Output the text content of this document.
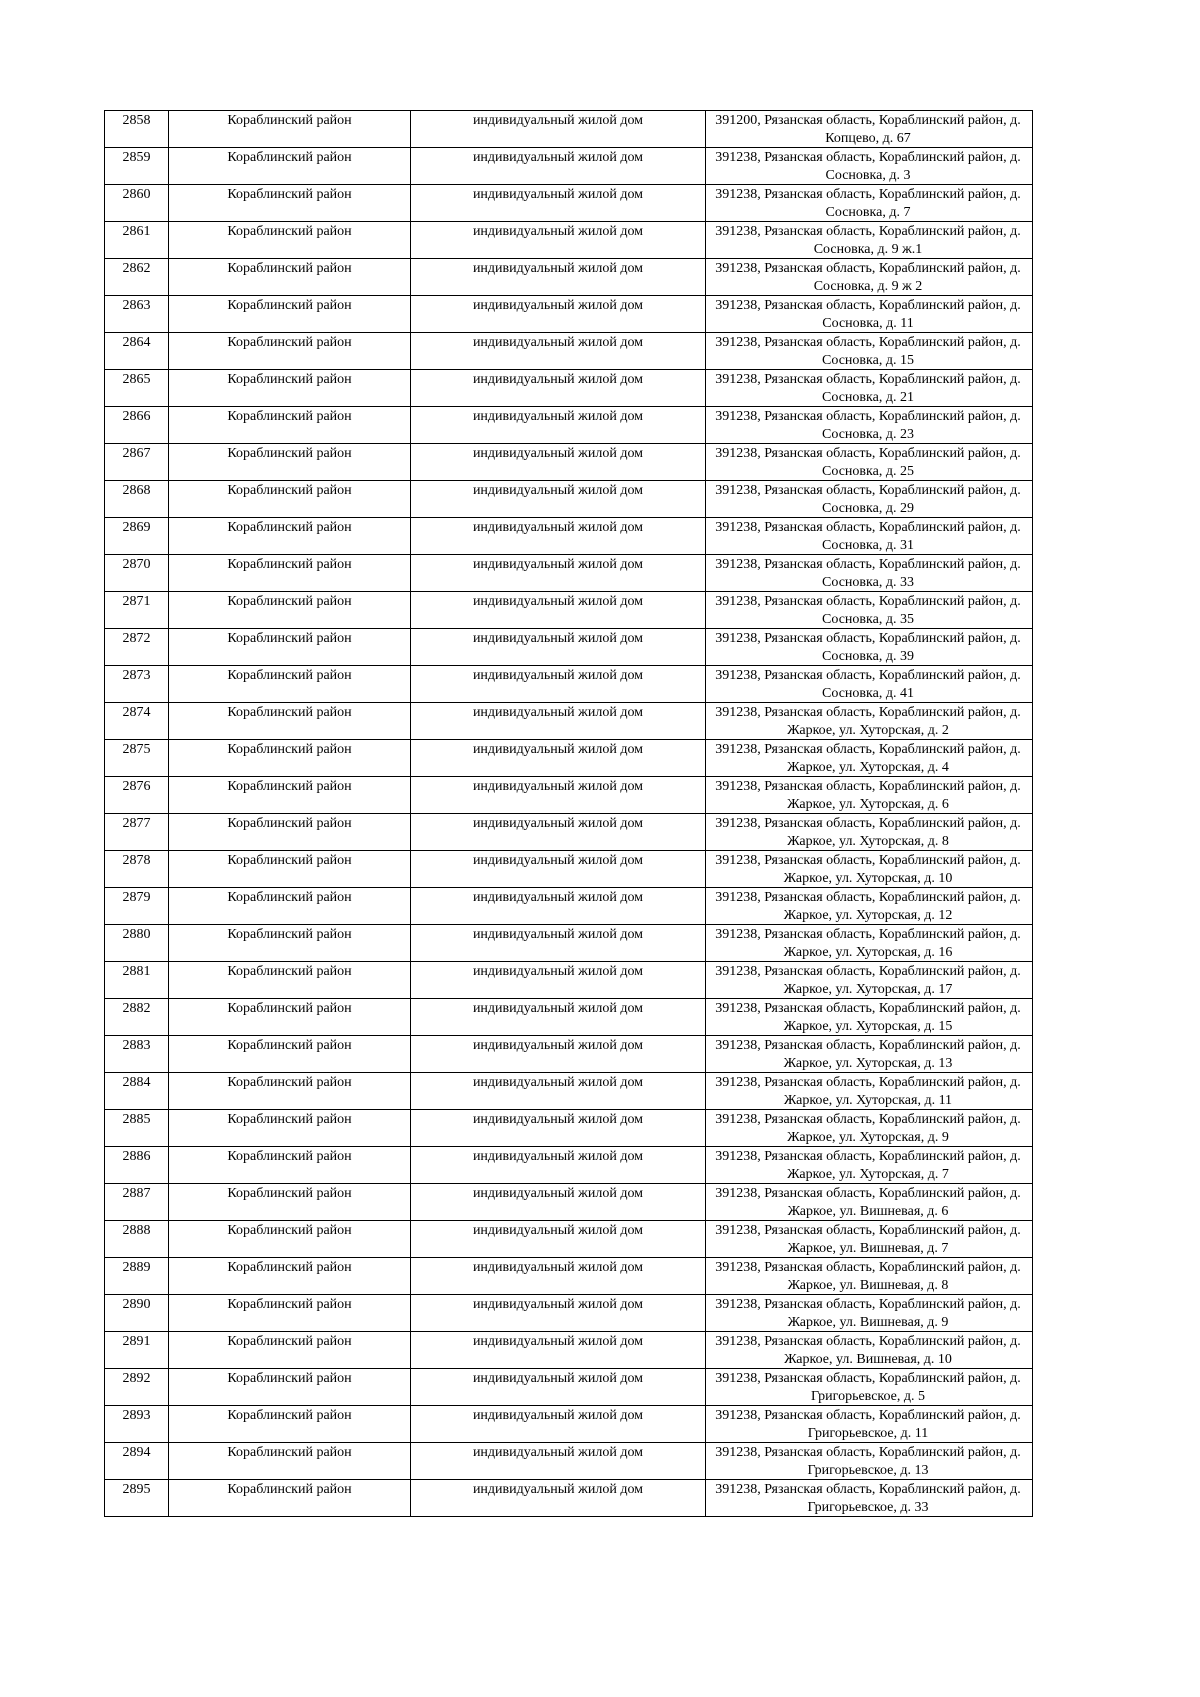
2858	Кораблинский район	индивидуальный жилой дом	391200, Рязанская область, Кораблинский район, д. Копцево, д. 67
2859	Кораблинский район	индивидуальный жилой дом	391238, Рязанская область, Кораблинский район, д. Сосновка, д. 3
2860	Кораблинский район	индивидуальный жилой дом	391238, Рязанская область, Кораблинский район, д. Сосновка, д. 7
2861	Кораблинский район	индивидуальный жилой дом	391238, Рязанская область, Кораблинский район, д. Сосновка, д. 9 ж.1
2862	Кораблинский район	индивидуальный жилой дом	391238, Рязанская область, Кораблинский район, д. Сосновка, д. 9 ж 2
2863	Кораблинский район	индивидуальный жилой дом	391238, Рязанская область, Кораблинский район, д. Сосновка, д. 11
2864	Кораблинский район	индивидуальный жилой дом	391238, Рязанская область, Кораблинский район, д. Сосновка, д. 15
2865	Кораблинский район	индивидуальный жилой дом	391238, Рязанская область, Кораблинский район, д. Сосновка, д. 21
2866	Кораблинский район	индивидуальный жилой дом	391238, Рязанская область, Кораблинский район, д. Сосновка, д. 23
2867	Кораблинский район	индивидуальный жилой дом	391238, Рязанская область, Кораблинский район, д. Сосновка, д. 25
2868	Кораблинский район	индивидуальный жилой дом	391238, Рязанская область, Кораблинский район, д. Сосновка, д. 29
2869	Кораблинский район	индивидуальный жилой дом	391238, Рязанская область, Кораблинский район, д. Сосновка, д. 31
2870	Кораблинский район	индивидуальный жилой дом	391238, Рязанская область, Кораблинский район, д. Сосновка, д. 33
2871	Кораблинский район	индивидуальный жилой дом	391238, Рязанская область, Кораблинский район, д. Сосновка, д. 35
2872	Кораблинский район	индивидуальный жилой дом	391238, Рязанская область, Кораблинский район, д. Сосновка, д. 39
2873	Кораблинский район	индивидуальный жилой дом	391238, Рязанская область, Кораблинский район, д. Сосновка, д. 41
2874	Кораблинский район	индивидуальный жилой дом	391238, Рязанская область, Кораблинский район, д. Жаркое, ул. Хуторская, д. 2
2875	Кораблинский район	индивидуальный жилой дом	391238, Рязанская область, Кораблинский район, д. Жаркое, ул. Хуторская, д. 4
2876	Кораблинский район	индивидуальный жилой дом	391238, Рязанская область, Кораблинский район, д. Жаркое, ул. Хуторская, д. 6
2877	Кораблинский район	индивидуальный жилой дом	391238, Рязанская область, Кораблинский район, д. Жаркое, ул. Хуторская, д. 8
2878	Кораблинский район	индивидуальный жилой дом	391238, Рязанская область, Кораблинский район, д. Жаркое, ул. Хуторская, д. 10
2879	Кораблинский район	индивидуальный жилой дом	391238, Рязанская область, Кораблинский район, д. Жаркое, ул. Хуторская, д. 12
2880	Кораблинский район	индивидуальный жилой дом	391238, Рязанская область, Кораблинский район, д. Жаркое, ул. Хуторская, д. 16
2881	Кораблинский район	индивидуальный жилой дом	391238, Рязанская область, Кораблинский район, д. Жаркое, ул. Хуторская, д. 17
2882	Кораблинский район	индивидуальный жилой дом	391238, Рязанская область, Кораблинский район, д. Жаркое, ул. Хуторская, д. 15
2883	Кораблинский район	индивидуальный жилой дом	391238, Рязанская область, Кораблинский район, д. Жаркое, ул. Хуторская, д. 13
2884	Кораблинский район	индивидуальный жилой дом	391238, Рязанская область, Кораблинский район, д. Жаркое, ул. Хуторская, д. 11
2885	Кораблинский район	индивидуальный жилой дом	391238, Рязанская область, Кораблинский район, д. Жаркое, ул. Хуторская, д. 9
2886	Кораблинский район	индивидуальный жилой дом	391238, Рязанская область, Кораблинский район, д. Жаркое, ул. Хуторская, д. 7
2887	Кораблинский район	индивидуальный жилой дом	391238, Рязанская область, Кораблинский район, д. Жаркое, ул. Вишневая, д. 6
2888	Кораблинский район	индивидуальный жилой дом	391238, Рязанская область, Кораблинский район, д. Жаркое, ул. Вишневая, д. 7
2889	Кораблинский район	индивидуальный жилой дом	391238, Рязанская область, Кораблинский район, д. Жаркое, ул. Вишневая, д. 8
2890	Кораблинский район	индивидуальный жилой дом	391238, Рязанская область, Кораблинский район, д. Жаркое, ул. Вишневая, д. 9
2891	Кораблинский район	индивидуальный жилой дом	391238, Рязанская область, Кораблинский район, д. Жаркое, ул. Вишневая, д. 10
2892	Кораблинский район	индивидуальный жилой дом	391238, Рязанская область, Кораблинский район, д. Григорьевское, д. 5
2893	Кораблинский район	индивидуальный жилой дом	391238, Рязанская область, Кораблинский район, д. Григорьевское, д. 11
2894	Кораблинский район	индивидуальный жилой дом	391238, Рязанская область, Кораблинский район, д. Григорьевское, д. 13
2895	Кораблинский район	индивидуальный жилой дом	391238, Рязанская область, Кораблинский район, д. Григорьевское, д. 33
